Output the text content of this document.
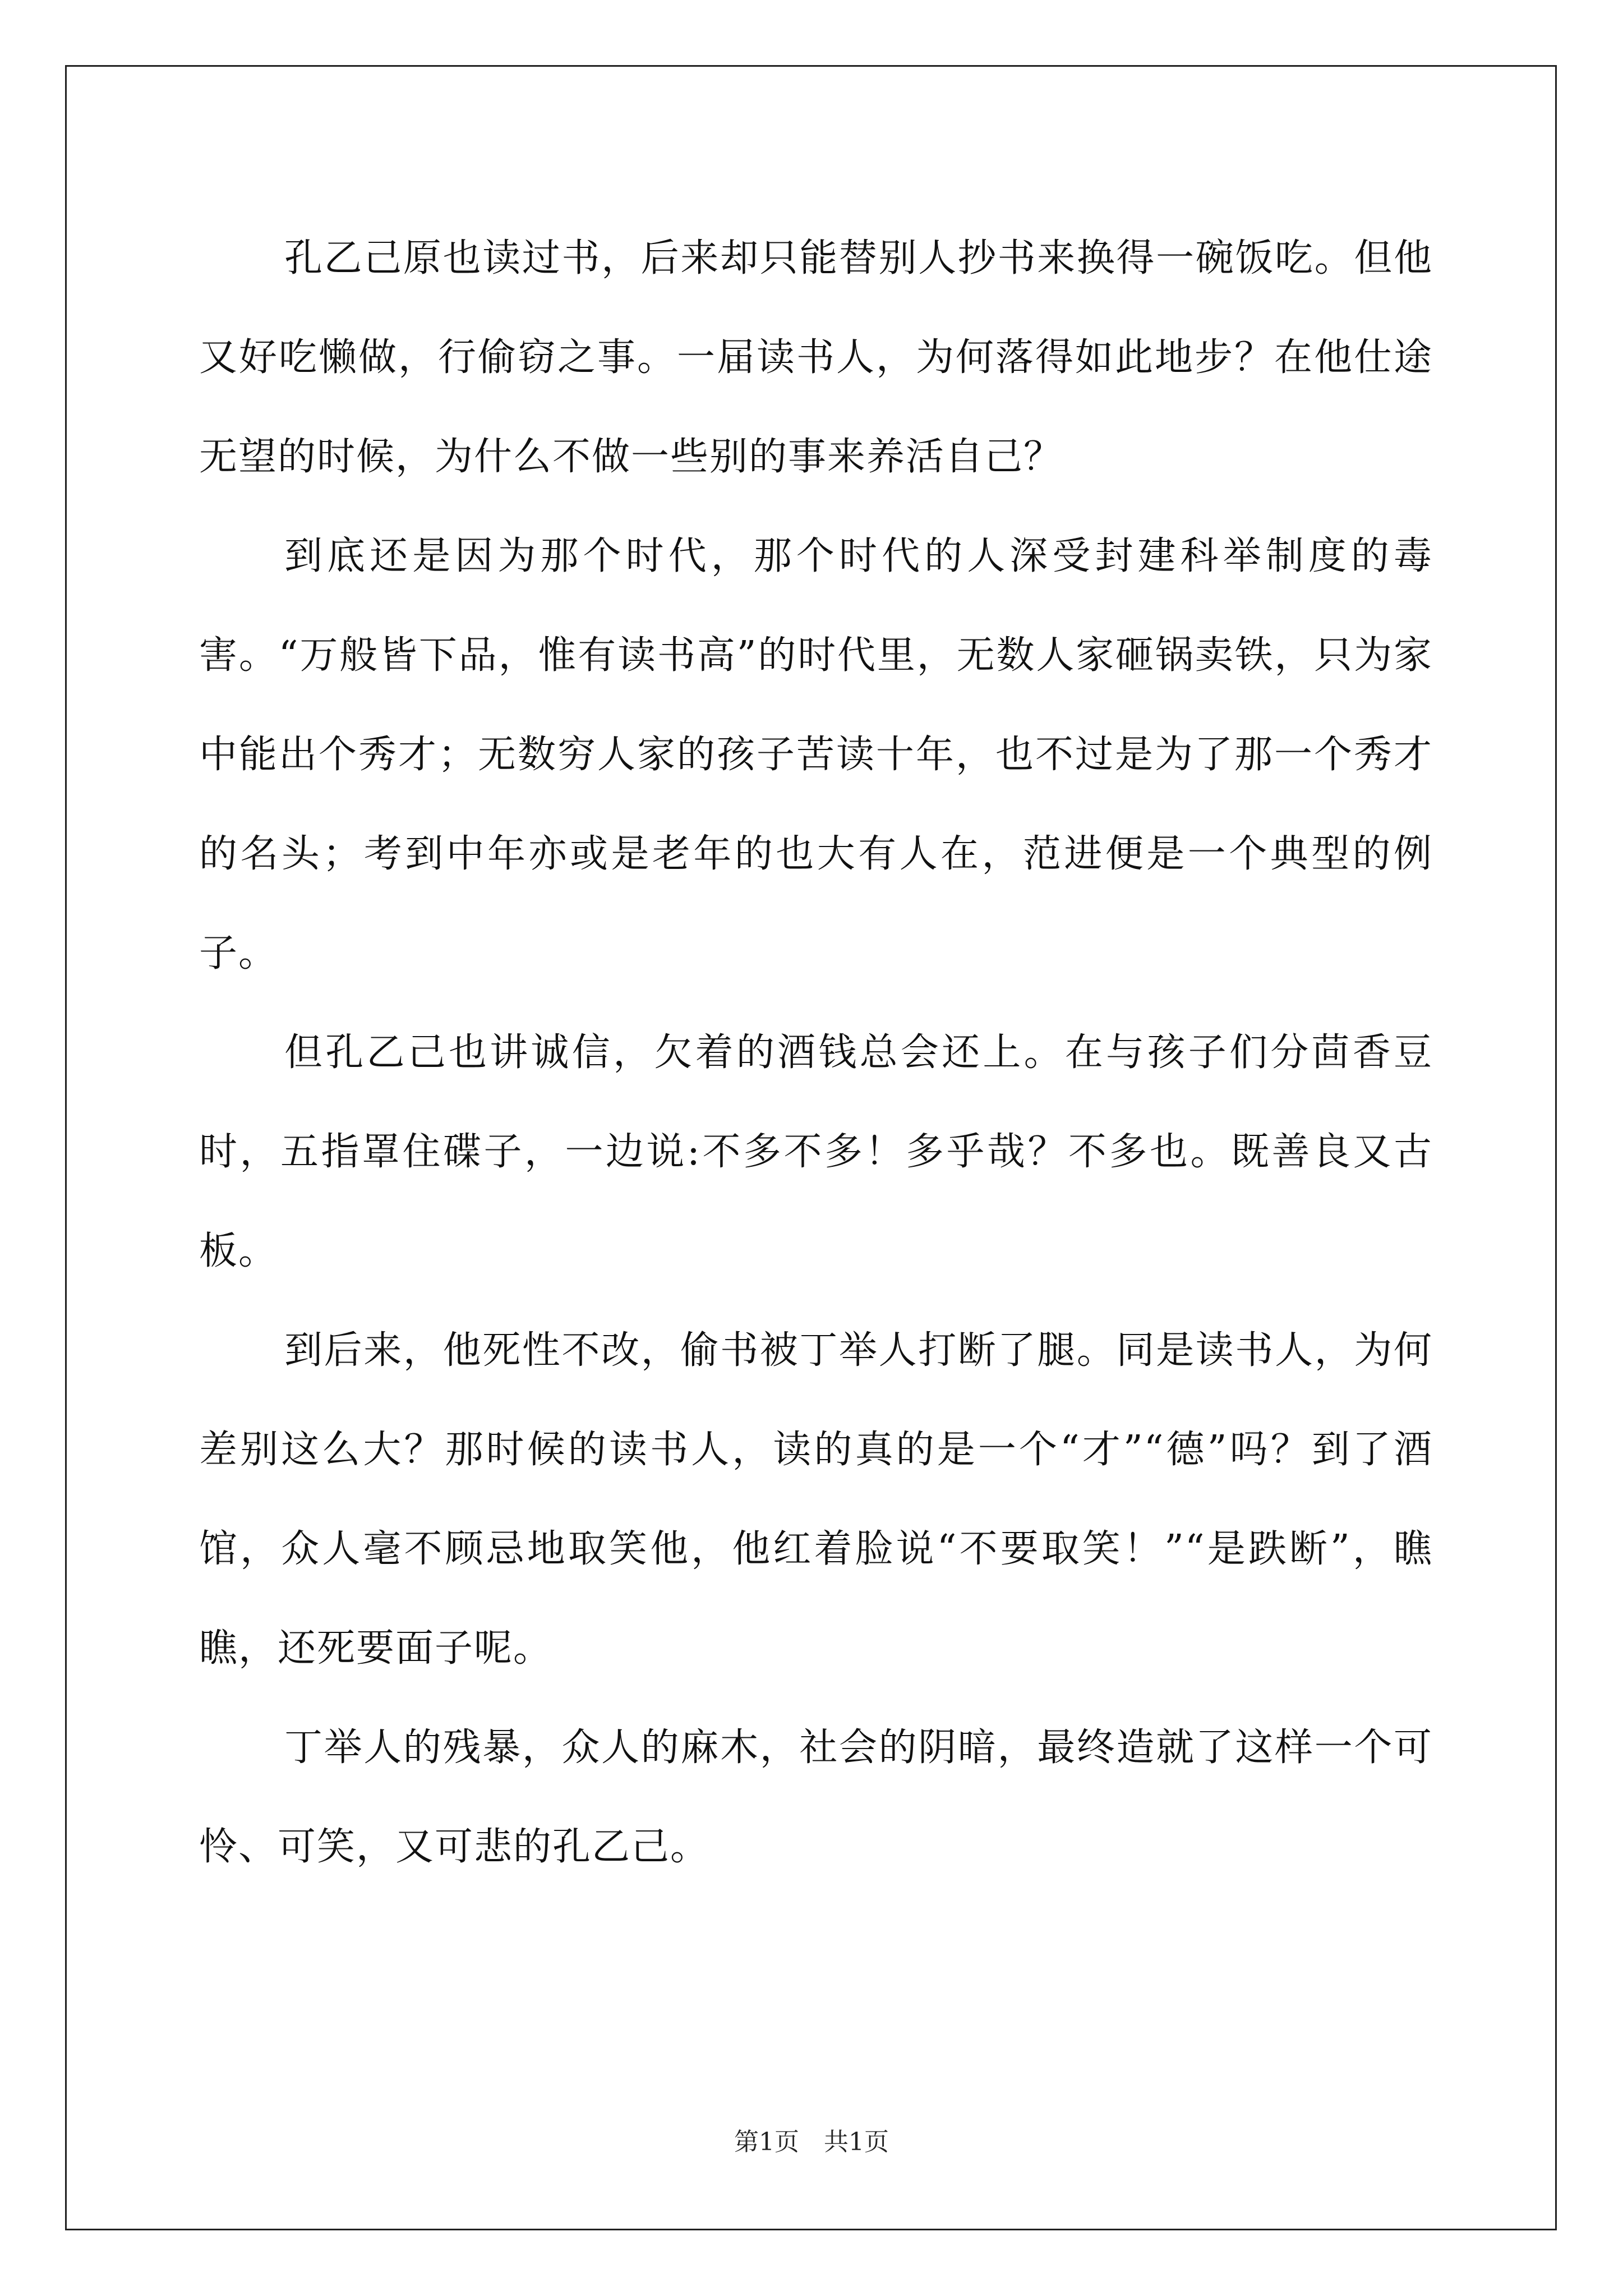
孔乙己原也读过书，后来却只能替别人抄书来换得一碗饭吃。但他又好吃懒做，行偷窃之事。一届读书人，为何落得如此地步？在他仕途无望的时候，为什么不做一些别的事来养活自己？

到底还是因为那个时代，那个时代的人深受封建科举制度的毒害。“万般皆下品，惟有读书高”的时代里，无数人家砸锅卖铁，只为家中能出个秀才；无数穷人家的孩子苦读十年，也不过是为了那一个秀才的名头；考到中年亦或是老年的也大有人在，范进便是一个典型的例子。

但孔乙己也讲诚信，欠着的酒钱总会还上。在与孩子们分茴香豆时，五指罩住碟子，一边说:不多不多！多乎哉？不多也。既善良又古板。

到后来，他死性不改，偷书被丁举人打断了腿。同是读书人，为何差别这么大？那时候的读书人，读的真的是一个“才”“德”吗？到了酒馆，众人毫不顾忌地取笑他，他红着脸说“不要取笑！”“是跌断”，瞧瞧，还死要面子呢。

丁举人的残暴，众人的麻木，社会的阴暗，最终造就了这样一个可怜、可笑，又可悲的孔乙己。

第1页　共1页
